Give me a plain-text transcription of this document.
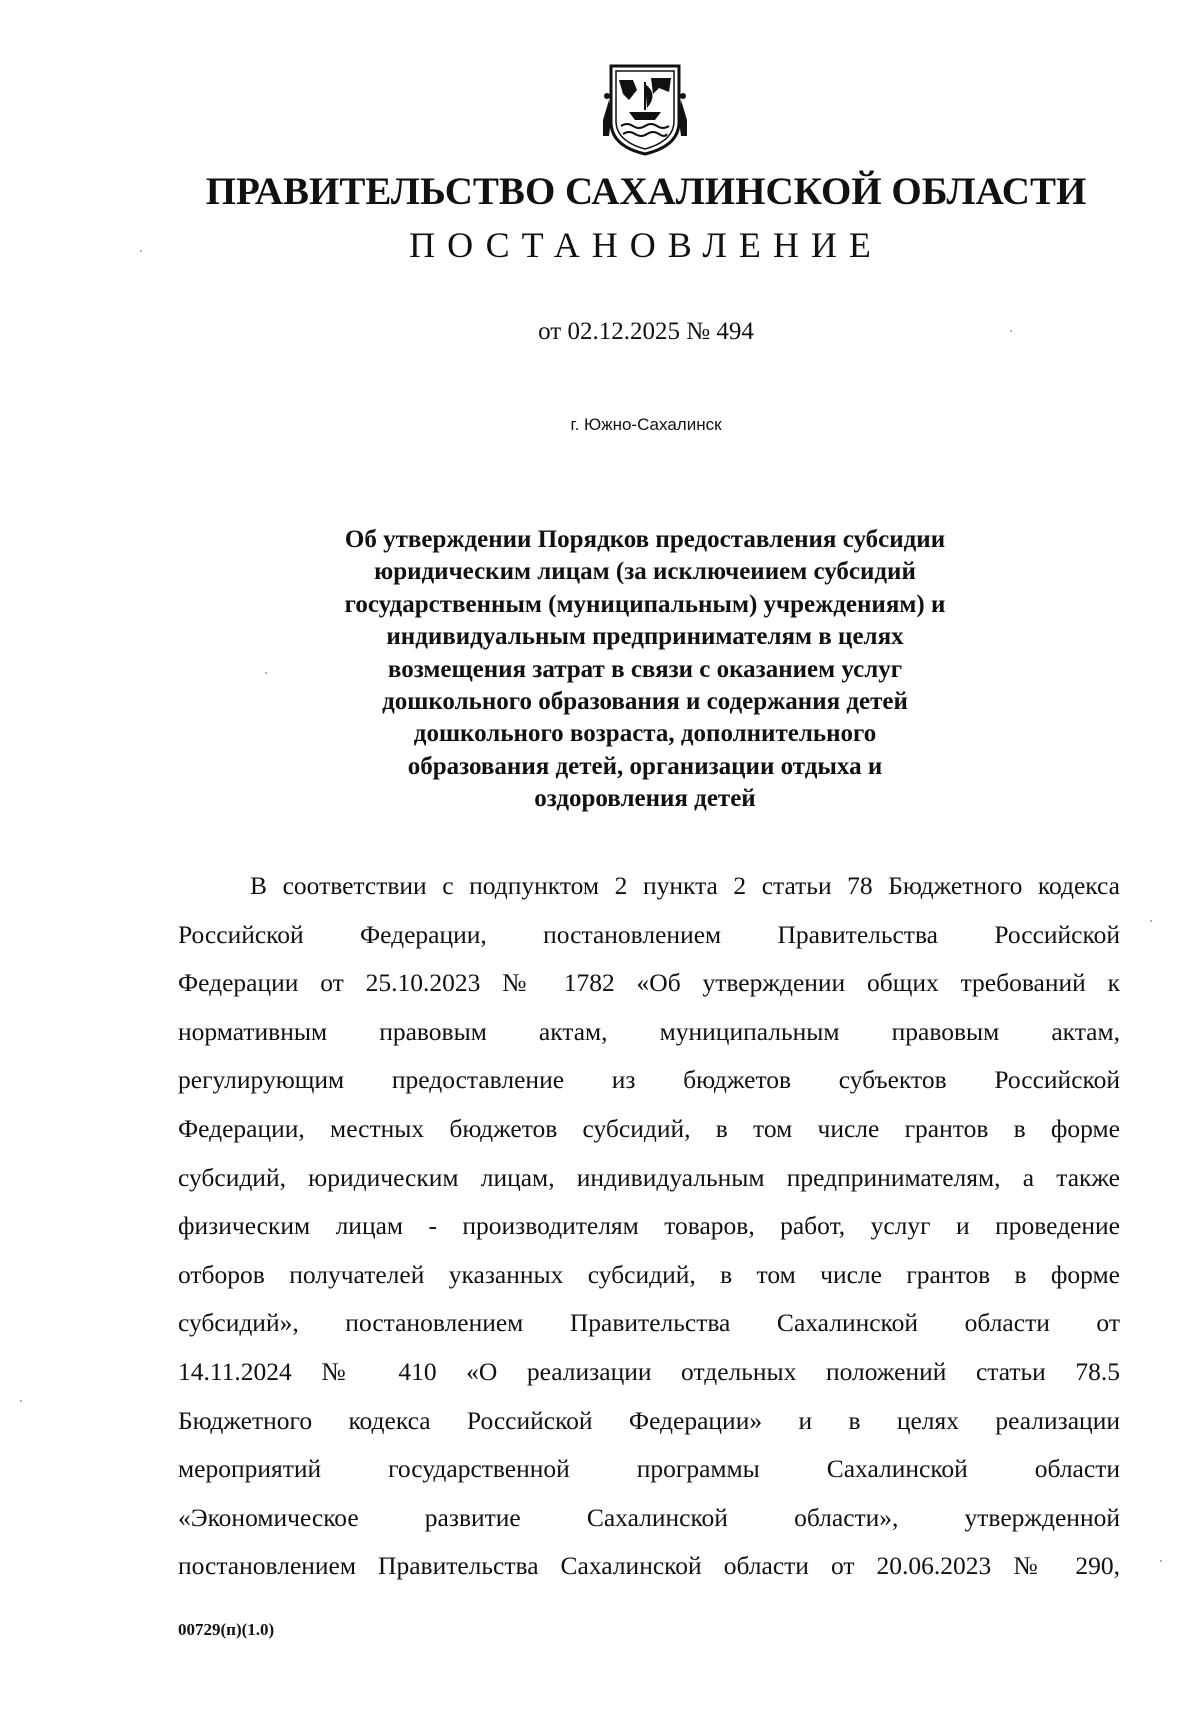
ПРАВИТЕЛЬСТВО САХАЛИНСКОЙ ОБЛАСТИ
ПОСТАНОВЛЕНИЕ
от 02.12.2025 № 494
г. Южно-Сахалинск
Об утверждении Порядков предоставления субсидии
юридическим лицам (за исключеиием субсидий
государственным (муниципальным) учреждениям) и
индивидуальным предпринимателям в целях
возмещения затрат в связи с оказанием услуг
дошкольного образования и содержания детей
дошкольного возраста, дополнительного
образования детей, организации отдыха и
оздоровления детей
В соответствии с подпунктом 2 пункта 2 статьи 78 Бюджетного кодекса
Российской Федерации, постановлением Правительства Российской
Федерации от 25.10.2023 № 1782 «Об утверждении общих требований к
нормативным правовым актам, муниципальным правовым актам,
регулирующим предоставление из бюджетов субъектов Российской
Федерации, местных бюджетов субсидий, в том числе грантов в форме
субсидий, юридическим лицам, индивидуальным предпринимателям, а также
физическим лицам - производителям товаров, работ, услуг и проведение
отборов получателей указанных субсидий, в том числе грантов в форме
субсидий», постановлением Правительства Сахалинской области от
14.11.2024 № 410 «О реализации отдельных положений статьи 78.5
Бюджетного кодекса Российской Федерации» и в целях реализации
мероприятий государственной программы Сахалинской области
«Экономическое развитие Сахалинской области», утвержденной
постановлением Правительства Сахалинской области от 20.06.2023 № 290,
00729(п)(1.0)
